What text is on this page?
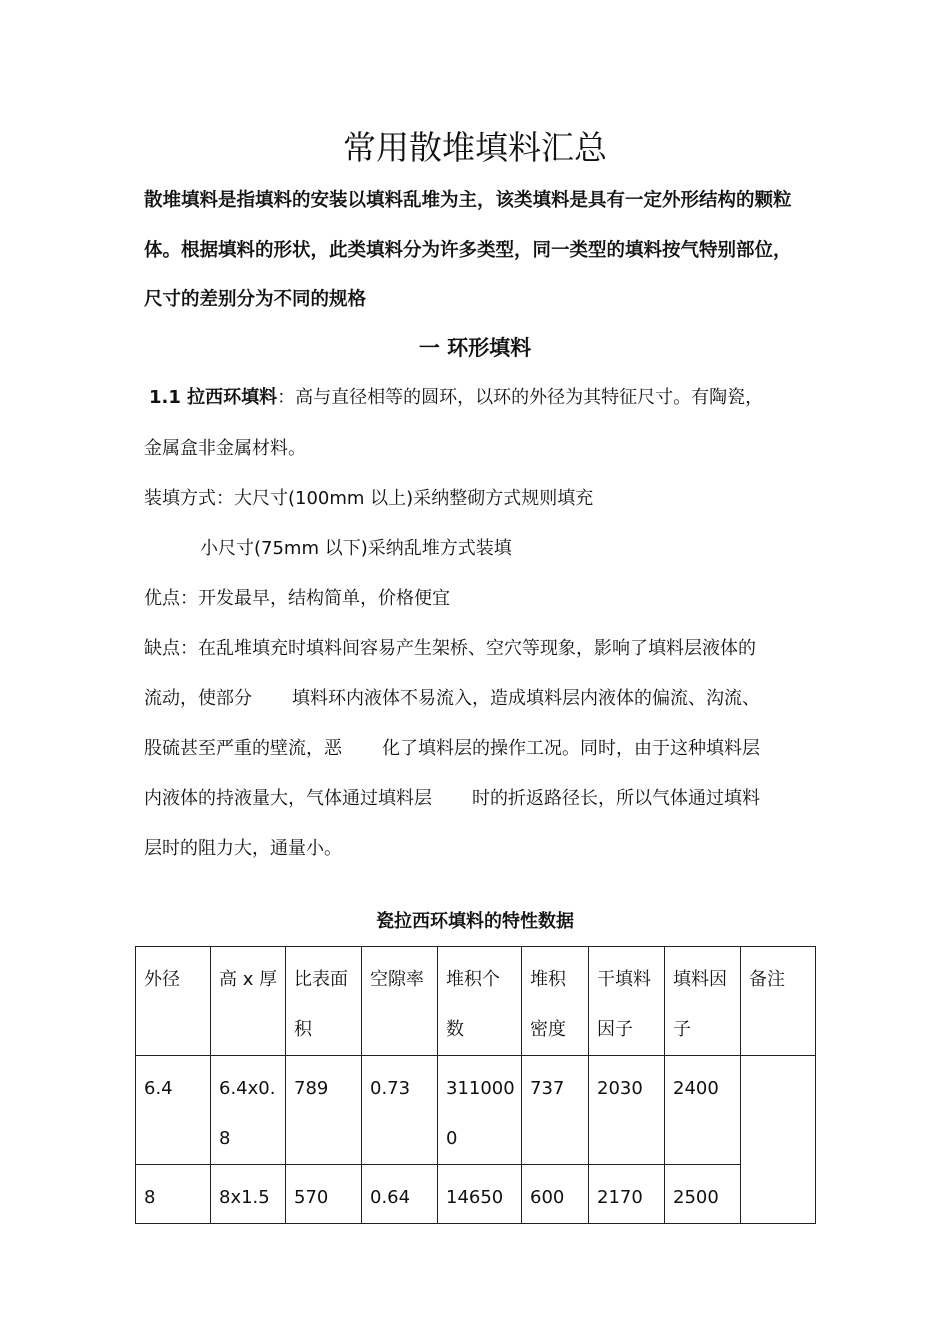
常用散堆填料汇总

散堆填料是指填料的安装以填料乱堆为主，该类填料是具有一定外形结构的颗粒体。根据填料的形状，此类填料分为许多类型，同一类型的填料按气特别部位，尺寸的差别分为不同的规格

一 环形填料

1.1 拉西环填料：高与直径相等的圆环，以环的外径为其特征尺寸。有陶瓷，

金属盒非金属材料。

装填方式：大尺寸(100mm 以上)采纳整砌方式规则填充

小尺寸(75mm 以下)采纳乱堆方式装填

优点：开发最早，结构简单，价格便宜

缺点：在乱堆填充时填料间容易产生架桥、空穴等现象，影响了填料层液体的

流动，使部分 填料环内液体不易流入，造成填料层内液体的偏流、沟流、

股硫甚至严重的壁流，恶 化了填料层的操作工况。同时，由于这种填料层

内液体的持液量大，气体通过填料层 时的折返路径长，所以气体通过填料

层时的阻力大，通量小。

瓷拉西环填料的特性数据

外径	高 x 厚	比表面积	空隙率	堆积个数	堆积密度	干填料因子	填料因子	备注
6.4	6.4x0.8	789	0.73	3110000	737	2030	2400	
8	8x1.5	570	0.64	14650	600	2170	2500	
